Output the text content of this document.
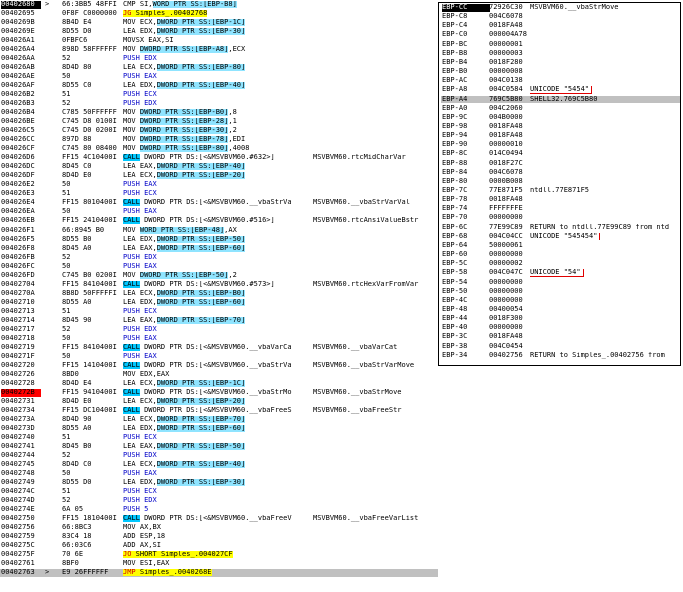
00402680	>	66:3BB5 48FFI CMP SI,WORD PTR SS:[EBP-B8]
00402695	0F8F C0000000 JG Simples_.00402768
0040269B	8B4D E4	MOV ECX,DWORD PTR SS:[EBP-1C]
0040269E	8D55 D0	LEA EDX,DWORD PTR SS:[EBP-30]
004026A1	0FBFC6	MOVSX EAX,SI
004026A4	898D 58FFFFFF MOV DWORD PTR SS:[EBP-A8],ECX
004026AA	52	PUSH EDX
004026AB	8D4D 80	LEA ECX,DWORD PTR SS:[EBP-80]
004026AE	50	PUSH EAX
004026AF	8D55 C0	LEA EDX,DWORD PTR SS:[EBP-40]
004026B2	51	PUSH ECX
004026B3	52	PUSH EDX
004026B4	C785 50FFFFFF MOV DWORD PTR SS:[EBP-B0],8
004026BE	C745 D8 0100I MOV DWORD PTR SS:[EBP-28],1
004026C5	C745 D0 0200I MOV DWORD PTR SS:[EBP-30],2
004026CC	897D 88	MOV DWORD PTR SS:[EBP-78],EDI
004026CF	C745 80 08400 MOV DWORD PTR SS:[EBP-80],4008
004026D6	FF15 4C10400I CALL DWORD PTR DS:[<&MSVBVM60.#632>]	MSVBVM60.rtcMidCharVar
004026DC	8D45 C0	LEA EAX,DWORD PTR SS:[EBP-40]
004026DF	8D4D E0	LEA ECX,DWORD PTR SS:[EBP-20]
004026E2	50	PUSH EAX
004026E3	51	PUSH ECX
004026E4	FF15 8010400I CALL DWORD PTR DS:[<&MSVBVM60.__vbaStrVa	MSVBVM60.__vbaStrVarVal
004026EA	50	PUSH EAX
004026EB	FF15 2410400I CALL DWORD PTR DS:[<&MSVBVM60.#516>]	MSVBVM60.rtcAnsiValueBstr
004026F1	66:8945 B0	MOV WORD PTR SS:[EBP-48],AX
004026F5	8D55 B0	LEA EDX,DWORD PTR SS:[EBP-50]
004026F8	8D45 A0	LEA EAX,DWORD PTR SS:[EBP-60]
004026FB	52	PUSH EDX
004026FC	50	PUSH EAX
004026FD	C745 B0 0200I MOV DWORD PTR SS:[EBP-50],2
00402704	FF15 8410400I CALL DWORD PTR DS:[<&MSVBVM60.#573>]	MSVBVM60.rtcHexVarFromVar
0040270A	8B8D 50FFFFFI LEA ECX,DWORD PTR SS:[EBP-B0]
00402710	8D55 A0	LEA EDX,DWORD PTR SS:[EBP-60]
00402713	51	PUSH ECX
00402714	8D45 90	LEA EAX,DWORD PTR SS:[EBP-70]
00402717	52	PUSH EDX
00402718	50	PUSH EAX
00402719	FF15 8410400I CALL DWORD PTR DS:[<&MSVBVM60.__vbaVarCa	MSVBVM60.__vbaVarCat
0040271F	50	PUSH EAX
00402720	FF15 1410400I CALL DWORD PTR DS:[<&MSVBVM60.__vbaStrVa	MSVBVM60.__vbaStrVarMove
00402726	8BD0	MOV EDX,EAX
00402728	8D4D E4	LEA ECX,DWORD PTR SS:[EBP-1C]
0040272B	FF15 9410400I CALL DWORD PTR DS:[<&MSVBVM60.__vbaStrMo	MSVBVM60.__vbaStrMove
00402731	8D4D E0	LEA ECX,DWORD PTR SS:[EBP-20]
00402734	FF15 DC10400I CALL DWORD PTR DS:[<&MSVBVM60.__vbaFreeS	MSVBVM60.__vbaFreeStr
0040273A	8D4D 90	LEA ECX,DWORD PTR SS:[EBP-70]
0040273D	8D55 A0	LEA EDX,DWORD PTR SS:[EBP-60]
00402740	51	PUSH ECX
00402741	8D45 B0	LEA EAX,DWORD PTR SS:[EBP-50]
00402744	52	PUSH EDX
00402745	8D4D C0	LEA ECX,DWORD PTR SS:[EBP-40]
00402748	50	PUSH EAX
00402749	8D55 D0	LEA EDX,DWORD PTR SS:[EBP-30]
0040274C	51	PUSH ECX
0040274D	52	PUSH EDX
0040274E	6A 05	PUSH 5
00402750	FF15 1810400I CALL DWORD PTR DS:[<&MSVBVM60.__vbaFreeV	MSVBVM60.__vbaFreeVarList
00402756	66:8BC3	MOV AX,BX
00402759	83C4 18	ADD ESP,18
0040275C	66:03C6	ADD AX,SI
0040275F	70 6E	JO SHORT Simples_.004027CF
00402761	8BF0	MOV ESI,EAX
00402763	>	E9 26FFFFFF	JMP Simples_.0040268E
EBP-CC	72926C30	MSVBVM60.__vbaStrMove
EBP-C8	004C6078
EBP-C4	0018FA48
EBP-C0	000004A78
EBP-BC	00000001
EBP-B8	00000003
EBP-B4	0018F280
EBP-B0	00000008
EBP-AC	004C0138
EBP-A8	004C0584	UNICODE "5454"
EBP-A4	769C5B80	SHELL32.769C5B80
EBP-A0	004C2060
EBP-9C	004B0000
EBP-98	0018FA48
EBP-94	0018FA48
EBP-90	00000010
EBP-8C	014C0494
EBP-88	0018F27C
EBP-84	004C6078
EBP-80	0000B008
EBP-7C	77E871F5	ntdll.77E871F5
EBP-78	0018FA48
EBP-74	FFFFFFFE
EBP-70	00000000
EBP-6C	77E99C89	RETURN to ntdll.77E99C89 from ntd
EBP-68	004C04CC	UNICODE "545454"
EBP-64	50000061
EBP-60	00000000
EBP-5C	00000002
EBP-58	004C047C	UNICODE "54"
EBP-54	00000000
EBP-50	00000000
EBP-4C	00000000
EBP-48	00400054
EBP-44	0018F300
EBP-40	00000000
EBP-3C	0018FA48
EBP-38	004C0454
EBP-34	00402756	RETURN to Simples_.00402756 from
